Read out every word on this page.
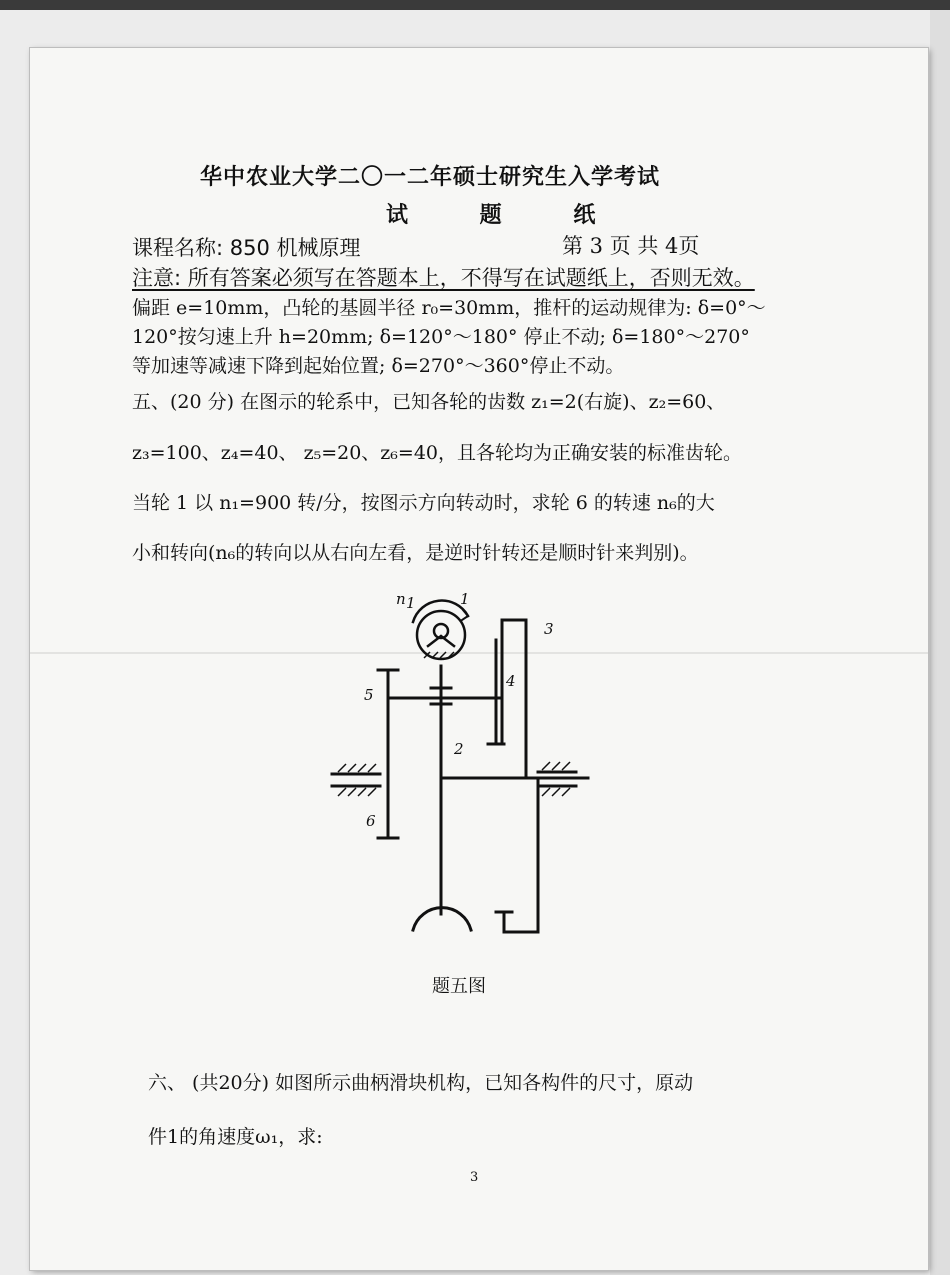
华中农业大学二〇一二年硕士研究生入学考试
试 题 纸
课程名称: 850 机械原理	第 3 页 共 4页
注意: 所有答案必须写在答题本上，不得写在试题纸上，否则无效。
偏距 e=10mm，凸轮的基圆半径 r₀=30mm，推杆的运动规律为: δ=0°～
120°按匀速上升 h=20mm; δ=120°～180° 停止不动; δ=180°～270°
等加速等减速下降到起始位置; δ=270°～360°停止不动。
五、(20 分) 在图示的轮系中，已知各轮的齿数 z₁=2(右旋)、z₂=60、
z₃=100、z₄=40、 z₅=20、z₆=40，且各轮均为正确安装的标准齿轮。
当轮 1 以 n₁=900 转/分，按图示方向转动时，求轮 6 的转速 n₆的大
小和转向(n₆的转向以从右向左看，是逆时针转还是顺时针来判别)。
n 1	1
2
3
4
5
6
题五图
六、 (共20分) 如图所示曲柄滑块机构，已知各构件的尺寸，原动
件1的角速度ω₁，求:
3
